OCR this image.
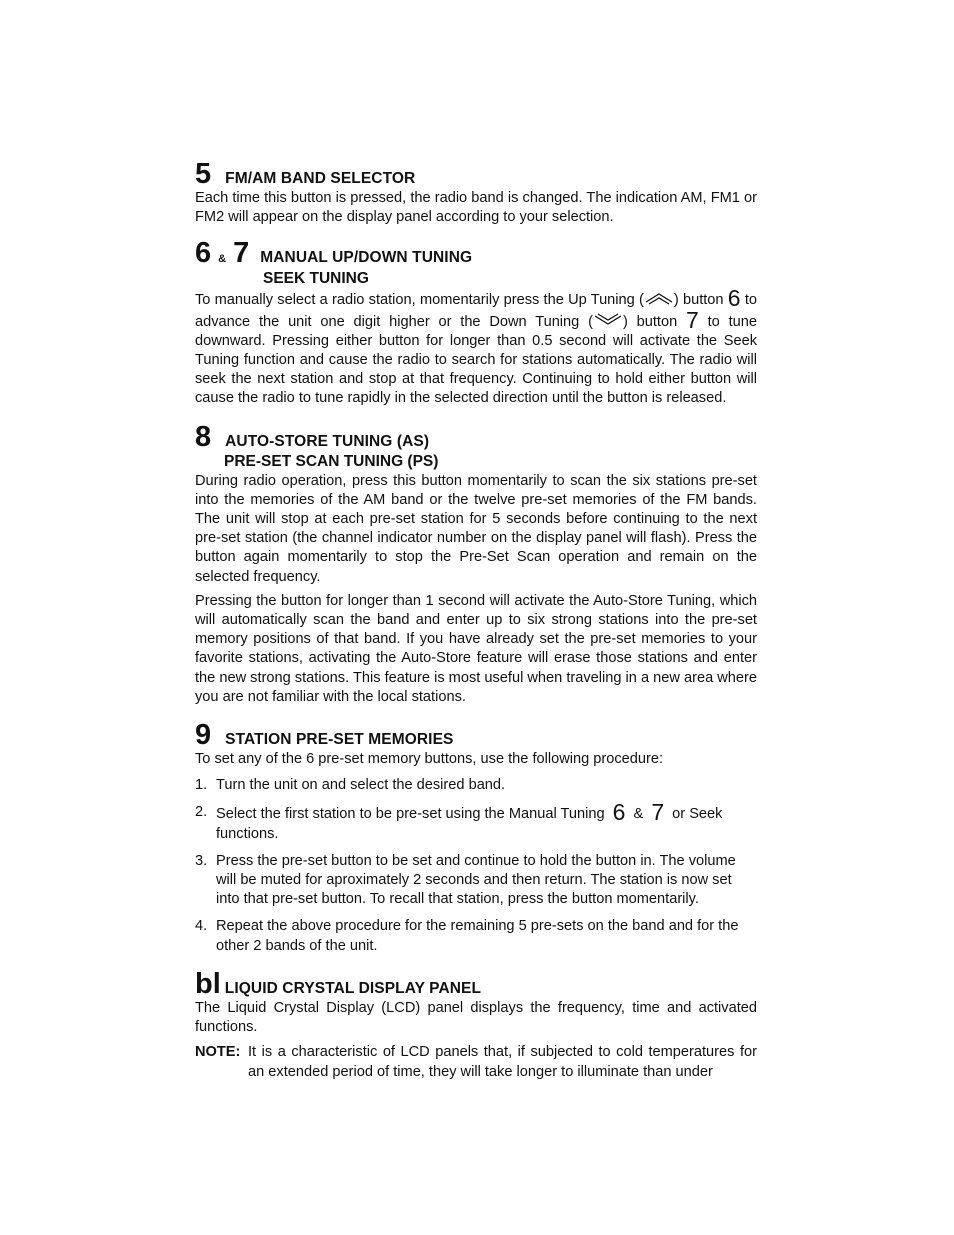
5 FM/AM BAND SELECTOR

Each time this button is pressed, the radio band is changed. The indication AM, FM1 or FM2 will appear on the display panel according to your selection.

6 & 7 MANUAL UP/DOWN TUNING
SEEK TUNING

To manually select a radio station, momentarily press the Up Tuning ( ) button 6 to advance the unit one digit higher or the Down Tuning ( ) button 7 to tune downward. Pressing either button for longer than 0.5 second will activate the Seek Tuning function and cause the radio to search for stations automatically. The radio will seek the next station and stop at that frequency. Continuing to hold either button will cause the radio to tune rapidly in the selected direction until the button is released.

8 AUTO-STORE TUNING (AS)
PRE-SET SCAN TUNING (PS)

During radio operation, press this button momentarily to scan the six stations pre-set into the memories of the AM band or the twelve pre-set memories of the FM bands. The unit will stop at each pre-set station for 5 seconds before continuing to the next pre-set station (the channel indicator number on the display panel will flash). Press the button again momentarily to stop the Pre-Set Scan operation and remain on the selected frequency.

Pressing the button for longer than 1 second will activate the Auto-Store Tuning, which will automatically scan the band and enter up to six strong stations into the pre-set memory positions of that band. If you have already set the pre-set memories to your favorite stations, activating the Auto-Store feature will erase those stations and enter the new strong stations. This feature is most useful when traveling in a new area where you are not familiar with the local stations.

9 STATION PRE-SET MEMORIES

To set any of the 6 pre-set memory buttons, use the following procedure:

1. Turn the unit on and select the desired band.
2. Select the first station to be pre-set using the Manual Tuning 6 & 7 or Seek functions.
3. Press the pre-set button to be set and continue to hold the button in. The volume will be muted for aproximately 2 seconds and then return. The station is now set into that pre-set button. To recall that station, press the button momentarily.
4. Repeat the above procedure for the remaining 5 pre-sets on the band and for the other 2 bands of the unit.
bl LIQUID CRYSTAL DISPLAY PANEL

The Liquid Crystal Display (LCD) panel displays the frequency, time and activated functions.

NOTE: It is a characteristic of LCD panels that, if subjected to cold temperatures for an extended period of time, they will take longer to illuminate than under
